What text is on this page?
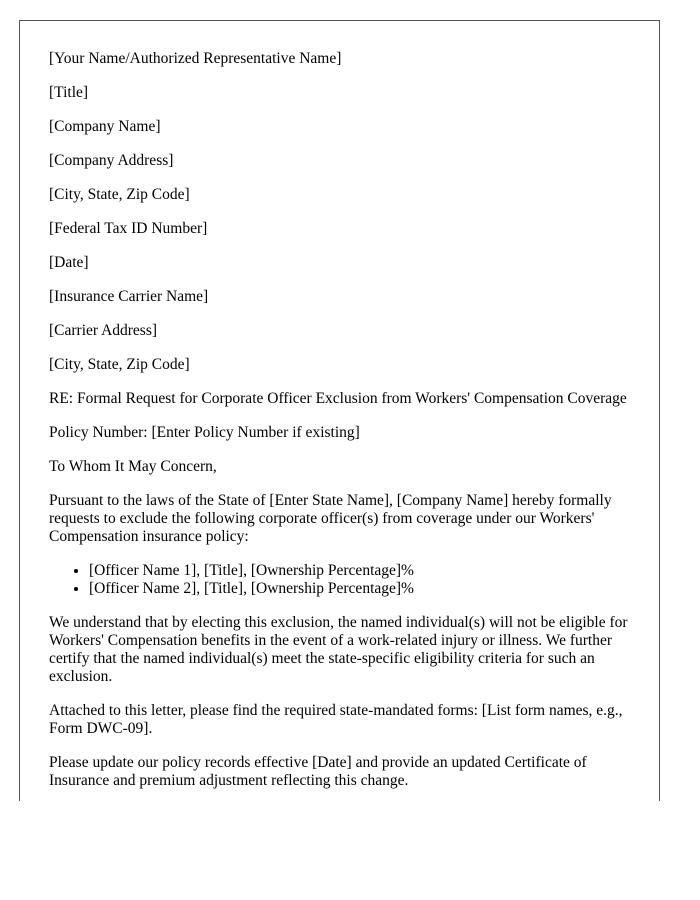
[Your Name/Authorized Representative Name]

[Title]

[Company Name]

[Company Address]

[City, State, Zip Code]

[Federal Tax ID Number]

[Date]

[Insurance Carrier Name]

[Carrier Address]

[City, State, Zip Code]

RE: Formal Request for Corporate Officer Exclusion from Workers' Compensation Coverage

Policy Number: [Enter Policy Number if existing]

To Whom It May Concern,

Pursuant to the laws of the State of [Enter State Name], [Company Name] hereby formally requests to exclude the following corporate officer(s) from coverage under our Workers' Compensation insurance policy:

• [Officer Name 1], [Title], [Ownership Percentage]%
• [Officer Name 2], [Title], [Ownership Percentage]%

We understand that by electing this exclusion, the named individual(s) will not be eligible for Workers' Compensation benefits in the event of a work-related injury or illness. We further certify that the named individual(s) meet the state-specific eligibility criteria for such an exclusion.

Attached to this letter, please find the required state-mandated forms: [List form names, e.g., Form DWC-09].

Please update our policy records effective [Date] and provide an updated Certificate of Insurance and premium adjustment reflecting this change.
